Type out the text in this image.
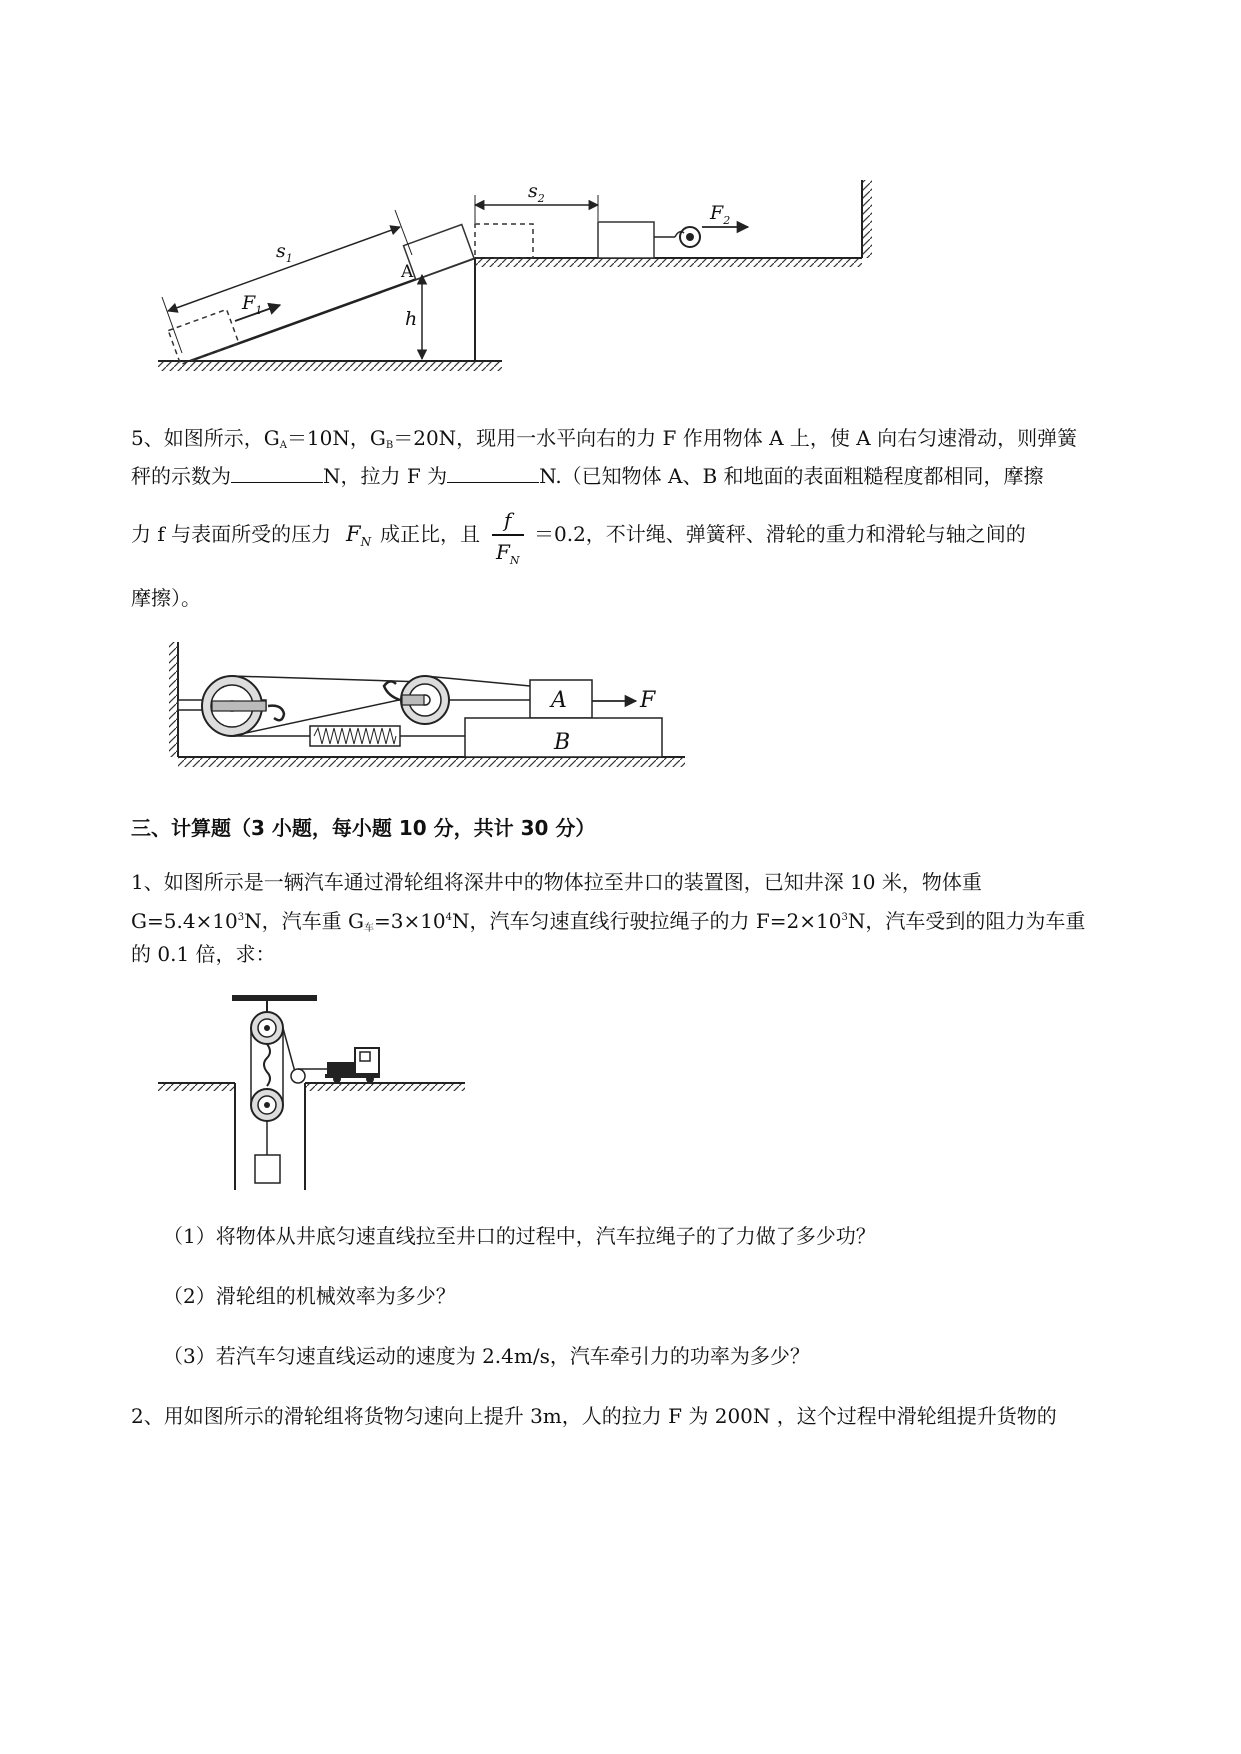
$s_1$
$F_1$
A
h
$s_2$
$F_2$
5、如图所示，$G_A=10N$，$G_B=20N$，现用一水平向右的力 F 作用物体 A 上，使 A 向右匀速滑动，则弹簧
秤的示数为	N，拉力 F 为	N.（已知物体 A、B 和地面的表面粗糙程度都相同，摩擦
力 f 与表面所受的压力 $F_N$ 成正比，且
f
$F_N$
＝0.2，不计绳、弹簧秤、滑轮的重力和滑轮与轴之间的
摩擦）。
A
B
F
三、计算题（3 小题，每小题 10 分，共计 30 分）
1、如图所示是一辆汽车通过滑轮组将深井中的物体拉至井口的装置图，已知井深 10 米，物体重
$G=5.4\times 10^3N$，汽车重 $G_车=3\times 10^4N$，汽车匀速直线行驶拉绳子的力 $F=2\times 10^3N$，汽车受到的阻力为车重
的 0.1 倍，求：
（1）将物体从井底匀速直线拉至井口的过程中，汽车拉绳子的了力做了多少功？
（2）滑轮组的机械效率为多少？
（3）若汽车匀速直线运动的速度为 2.4m/s，汽车牵引力的功率为多少？
2、用如图所示的滑轮组将货物匀速向上提升 3m，人的拉力 F 为 200N ，这个过程中滑轮组提升货物的
